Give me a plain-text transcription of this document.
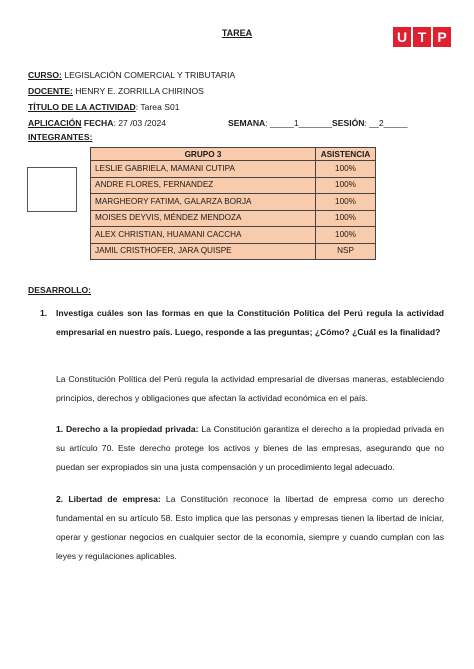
TAREA	U T P
CURSO: LEGISLACIÓN COMERCIAL Y TRIBUTARIA
DOCENTE: HENRY E. ZORRILLA CHIRINOS
TÍTULO DE LA ACTIVIDAD: Tarea S01
APLICACIÓN FECHA: 27 /03 /2024	SEMANA: _____1_______ SESIÓN: __2_____
INTEGRANTES:
GRUPO 3	ASISTENCIA
LESLIE GABRIELA, MAMANI CUTIPA	100%
ANDRE FLORES, FERNANDEZ	100%
MARGHEORY FATIMA, GALARZA BORJA	100%
MOISES DEYVIS, MÉNDEZ MENDOZA	100%
ALEX CHRISTIAN, HUAMANI CACCHA	100%
JAMIL CRISTHOFER, JARA QUISPE	NSP
DESARROLLO:
1. Investiga cuáles son las formas en que la Constitución Política del Perú regula la actividad empresarial en nuestro país. Luego, responde a las preguntas; ¿Cómo? ¿Cuál es la finalidad?
La Constitución Política del Perú regula la actividad empresarial de diversas maneras, estableciendo principios, derechos y obligaciones que afectan la actividad económica en el país.
1. Derecho a la propiedad privada: La Constitución garantiza el derecho a la propiedad privada en su artículo 70. Este derecho protege los activos y bienes de las empresas, asegurando que no puedan ser expropiados sin una justa compensación y un procedimiento legal adecuado.
2. Libertad de empresa: La Constitución reconoce la libertad de empresa como un derecho fundamental en su artículo 58. Esto implica que las personas y empresas tienen la libertad de iniciar, operar y gestionar negocios en cualquier sector de la economía, siempre y cuando cumplan con las leyes y regulaciones aplicables.
